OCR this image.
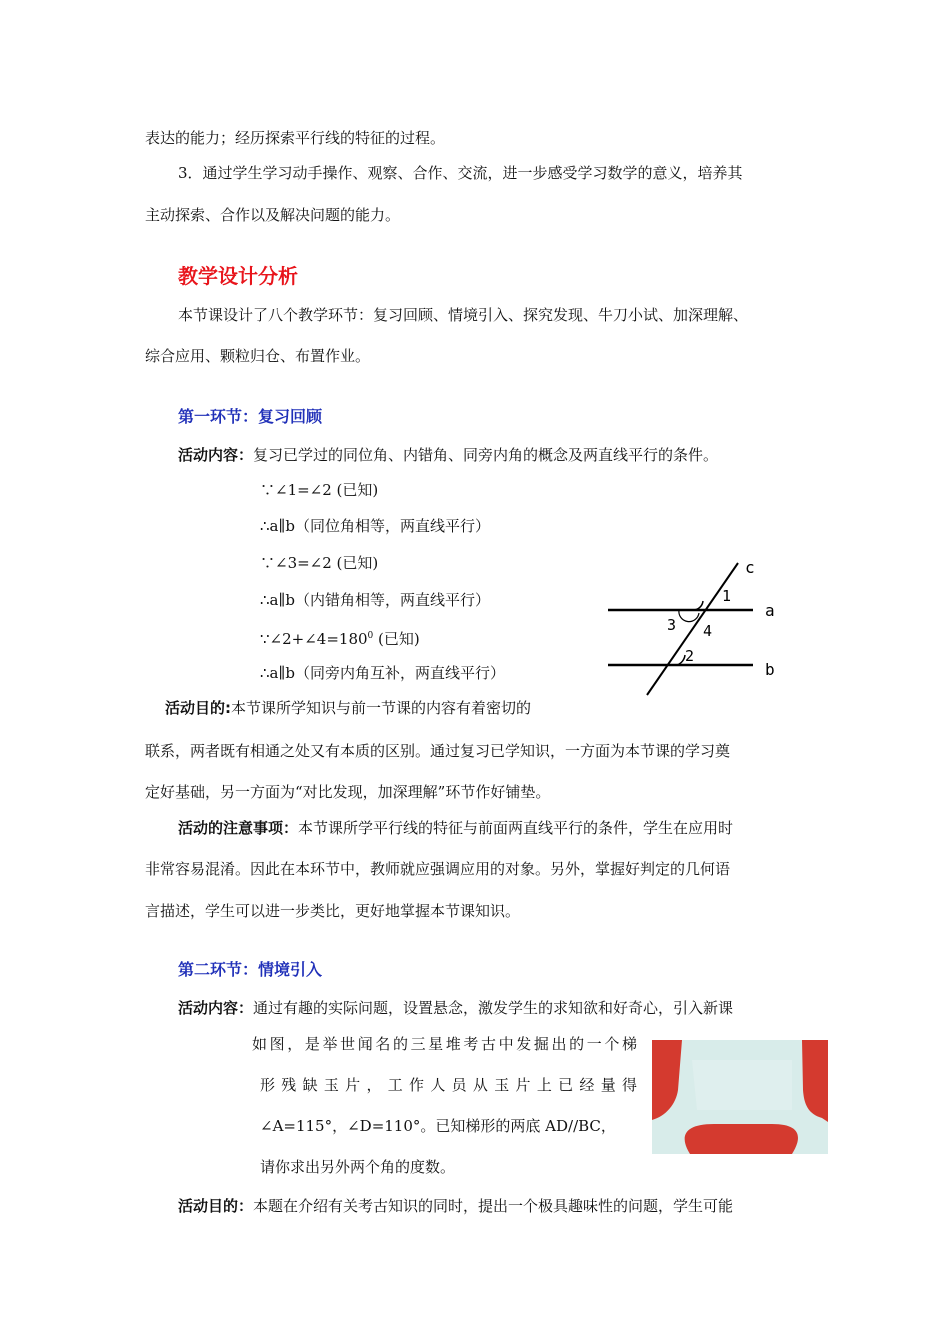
表达的能力；经历探索平行线的特征的过程。
3．通过学生学习动手操作、观察、合作、交流，进一步感受学习数学的意义，培养其
主动探索、合作以及解决问题的能力。
教学设计分析
本节课设计了八个教学环节：复习回顾、情境引入、探究发现、牛刀小试、加深理解、
综合应用、颗粒归仓、布置作业。
第一环节：复习回顾
活动内容：复习已学过的同位角、内错角、同旁内角的概念及两直线平行的条件。
∵∠1=∠2 (已知)
∴a∥b（同位角相等，两直线平行）
∵∠3=∠2 (已知)
∴a∥b（内错角相等，两直线平行）
$\because\angle 2+\angle 4=180^0$ (已知)
∴a∥b（同旁内角互补，两直线平行）
c
a
b
1
2
3 4
活动目的:本节课所学知识与前一节课的内容有着密切的
联系，两者既有相通之处又有本质的区别。通过复习已学知识，一方面为本节课的学习奠
定好基础，另一方面为“对比发现，加深理解”环节作好铺垫。
活动的注意事项：本节课所学平行线的特征与前面两直线平行的条件，学生在应用时
非常容易混淆。因此在本环节中，教师就应强调应用的对象。另外，掌握好判定的几何语
言描述，学生可以进一步类比，更好地掌握本节课知识。
第二环节：情境引入
活动内容：通过有趣的实际问题，设置悬念，激发学生的求知欲和好奇心，引入新课
如图，是举世闻名的三星堆考古中发掘出的一个梯
形残缺玉片，工作人员从玉片上已经量得
∠A=115°，∠D=110°。已知梯形的两底 AD//BC，
请你求出另外两个角的度数。
活动目的：本题在介绍有关考古知识的同时，提出一个极具趣味性的问题，学生可能
